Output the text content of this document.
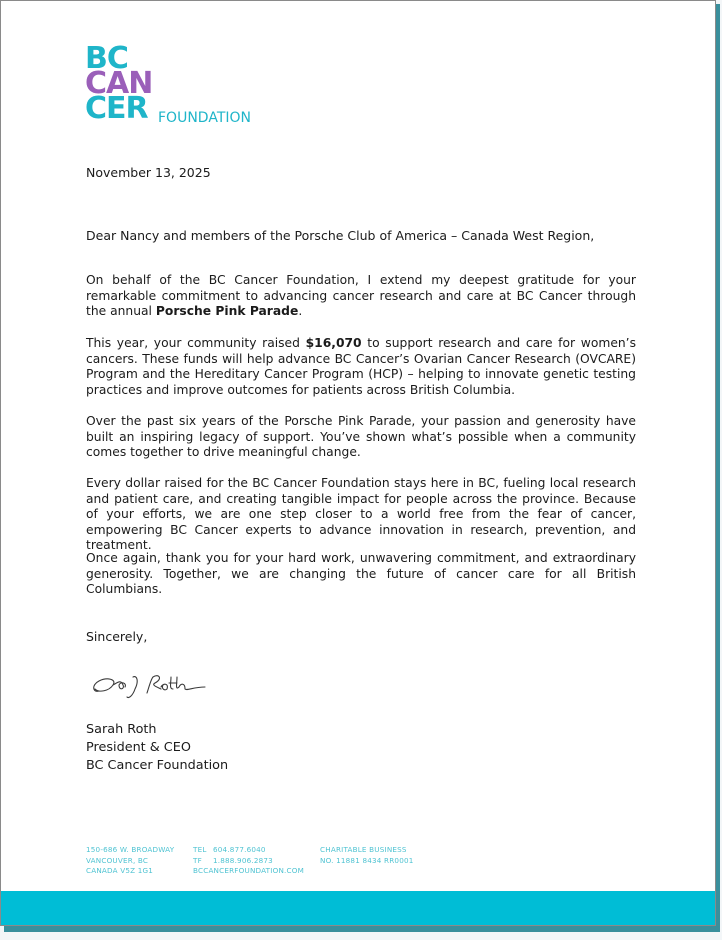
BC
CAN
CER FOUNDATION
November 13, 2025
Dear Nancy and members of the Porsche Club of America – Canada West Region,

On behalf of the BC Cancer Foundation, I extend my deepest gratitude for your remarkable commitment to advancing cancer research and care at BC Cancer through the annual Porsche Pink Parade.

This year, your community raised $16,070 to support research and care for women’s cancers. These funds will help advance BC Cancer’s Ovarian Cancer Research (OVCARE) Program and the Hereditary Cancer Program (HCP) – helping to innovate genetic testing practices and improve outcomes for patients across British Columbia.

Over the past six years of the Porsche Pink Parade, your passion and generosity have built an inspiring legacy of support. You’ve shown what’s possible when a community comes together to drive meaningful change.

Every dollar raised for the BC Cancer Foundation stays here in BC, fueling local research and patient care, and creating tangible impact for people across the province. Because of your efforts, we are one step closer to a world free from the fear of cancer, empowering BC Cancer experts to advance innovation in research, prevention, and treatment.

Once again, thank you for your hard work, unwavering commitment, and extraordinary generosity. Together, we are changing the future of cancer care for all British Columbians.

Sincerely,
Sarah Roth
President & CEO
BC Cancer Foundation
150-686 W. BROADWAY
VANCOUVER, BC
CANADA V5Z 1G1
TEL 604.877.6040
TF 1.888.906.2873
BCCANCERFOUNDATION.COM
CHARITABLE BUSINESS
NO. 11881 8434 RR0001
